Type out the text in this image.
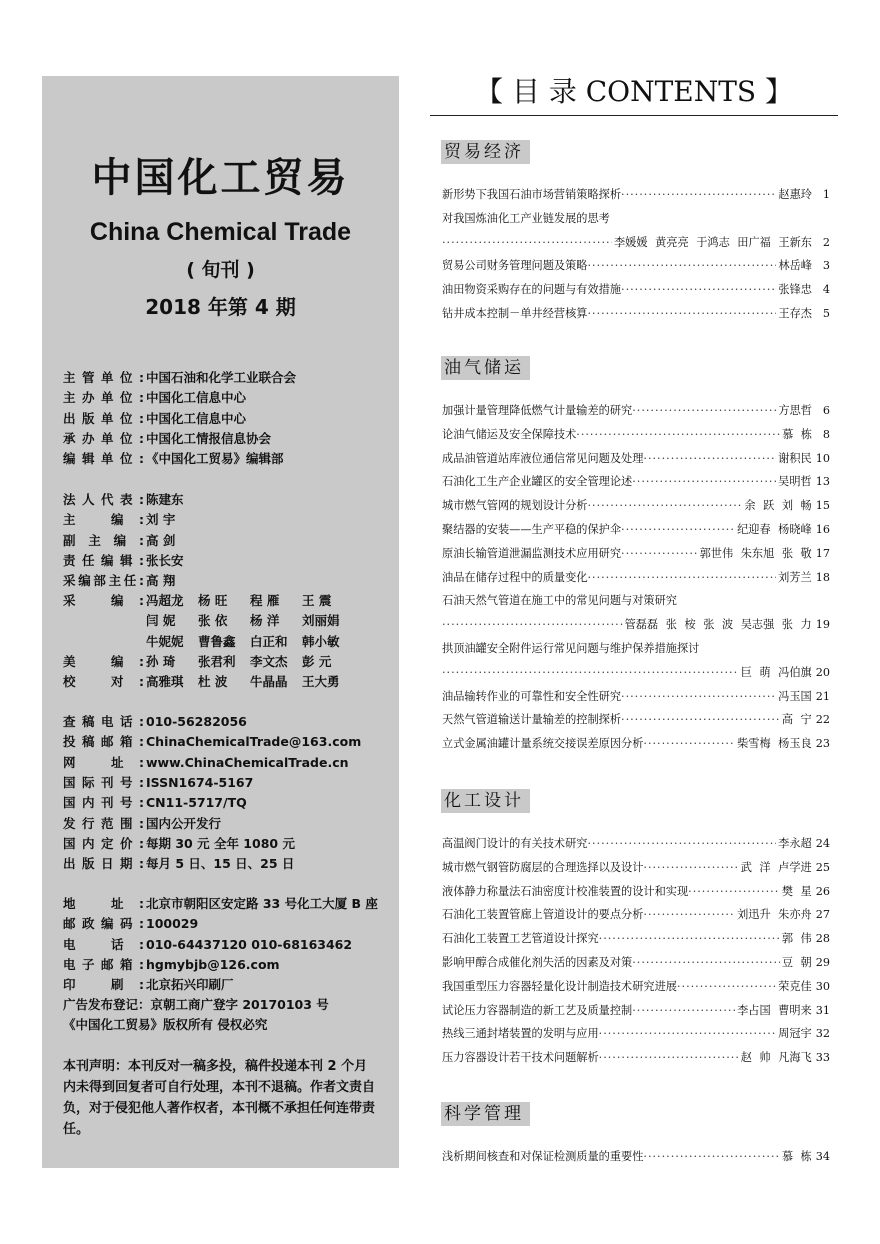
中国化工贸易
China Chemical Trade
( 旬刊 )
2018 年第 4 期
主管单位: 中国石油和化学工业联合会
主办单位: 中国化工信息中心
出版单位: 中国化工信息中心
承办单位: 中国化工情报信息协会
编辑单位: 《中国化工贸易》编辑部
法人代表: 陈建东
主 编: 刘 宇
副主编: 高 剑
责任编辑: 张长安
采编部主任: 高 翔
采 编: 冯超龙 杨 旺 程 雁 王 震
闫 妮 张 依 杨 洋 刘丽娟
牛妮妮 曹鲁鑫 白正和 韩小敏
美 编: 孙 琦 张君利 李文杰 彭 元
校 对: 高雅琪 杜 波 牛晶晶 王大勇
查稿电话: 010-56282056
投稿邮箱: ChinaChemicalTrade@163.com
网 址: www.ChinaChemicalTrade.cn
国际刊号: ISSN1674-5167
国内刊号: CN11-5717/TQ
发行范围: 国内公开发行
国内定价: 每期 30 元 全年 1080 元
出版日期: 每月 5 日、15 日、25 日
地 址: 北京市朝阳区安定路 33 号化工大厦 B 座
邮政编码: 100029
电 话: 010-64437120 010-68163462
电子邮箱: hgmybjb@126.com
印 刷: 北京拓兴印刷厂
广告发布登记：京朝工商广登字 20170103 号
《中国化工贸易》版权所有 侵权必究
本刊声明：本刊反对一稿多投，稿件投递本刊 2 个月内未得到回复者可自行处理，本刊不退稿。作者文责自负，对于侵犯他人著作权者，本刊概不承担任何连带责任。
【 目 录 CONTENTS 】
贸易经济
新形势下我国石油市场营销策略探析 ·····	赵惠玲 1
对我国炼油化工产业链发展的思考
·····
李媛媛 黄亮亮 于鸿志 田广福 王新东 2
贸易公司财务管理问题及策略 ·····	林岳峰 3
油田物资采购存在的问题与有效措施 ·····	张锋忠 4
钻井成本控制－单井经营核算 ·····	王存杰 5
油气储运
加强计量管理降低燃气计量输差的研究 ·····	方思哲 6
论油气储运及安全保障技术 ·····	慕 栋 8
成品油管道站库液位通信常见问题及处理 ·····	谢积民 10
石油化工生产企业罐区的安全管理论述 ·····	吴明哲 13
城市燃气管网的规划设计分析 ·····	余 跃 刘 畅 15
聚结器的安装——生产平稳的保护伞 ·····	纪迎春 杨晓峰 16
原油长输管道泄漏监测技术应用研究 ·····	郭世伟 朱东旭 张 敬 17
油品在储存过程中的质量变化 ·····	刘芳兰 18
石油天然气管道在施工中的常见问题与对策研究
·····
管磊磊 张 桉 张 波 吴志强 张 力 19
拱顶油罐安全附件运行常见问题与维护保养措施探讨
·····
巨 萌 冯伯旗 20
油品输转作业的可靠性和安全性研究 ·····	冯玉国 21
天然气管道输送计量输差的控制探析 ·····	高 宁 22
立式金属油罐计量系统交接误差原因分析 ·····	柴雪梅 杨玉良 23
化工设计
高温阀门设计的有关技术研究 ·····	李永超 24
城市燃气钢管防腐层的合理选择以及设计 ·····	武 洋 卢学进 25
液体静力称量法石油密度计校准装置的设计和实现 ·····	樊 星 26
石油化工装置管廊上管道设计的要点分析 ·····	刘迅升 朱亦舟 27
石油化工装置工艺管道设计探究 ·····	郭 伟 28
影响甲醇合成催化剂失活的因素及对策 ·····	豆 朝 29
我国重型压力容器轻量化设计制造技术研究进展 ·····	荣克佳 30
试论压力容器制造的新工艺及质量控制 ·····	李占国 曹明来 31
热线三通封堵装置的发明与应用 ·····	周冠宇 32
压力容器设计若干技术问题解析 ·····	赵 帅 凡海飞 33
科学管理
浅析期间核查和对保证检测质量的重要性 ·····	慕 栋 34
